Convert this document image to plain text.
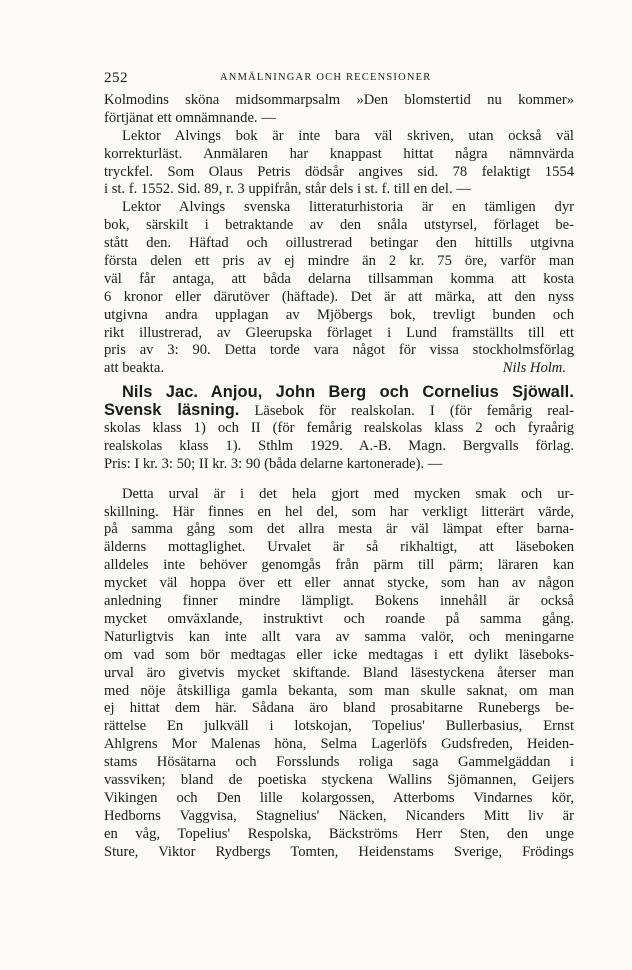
252	ANMÄLNINGAR OCH RECENSIONER
Kolmodins sköna midsommarpsalm »Den blomstertid nu kommer»
förtjänat ett omnämnande. —
Lektor Alvings bok är inte bara väl skriven, utan också väl
korrekturläst. Anmälaren har knappast hittat några nämnvärda
tryckfel. Som Olaus Petris dödsår angives sid. 78 felaktigt 1554
i st. f. 1552. Sid. 89, r. 3 uppifrån, står dels i st. f. till en del. —
Lektor Alvings svenska litteraturhistoria är en tämligen dyr
bok, särskilt i betraktande av den snåla utstyrsel, förlaget be-
stått den. Häftad och oillustrerad betingar den hittills utgivna
första delen ett pris av ej mindre än 2 kr. 75 öre, varför man
väl får antaga, att båda delarna tillsamman komma att kosta
6 kronor eller därutöver (häftade). Det är att märka, att den nyss
utgivna andra upplagan av Mjöbergs bok, trevligt bunden och
rikt illustrerad, av Gleerupska förlaget i Lund framställts till ett
pris av 3: 90. Detta torde vara något för vissa stockholmsförlag
att beakta.	Nils Holm.
Nils Jac. Anjou, John Berg och Cornelius Sjöwall.
Svensk läsning. Läsebok för realskolan. I (för femårig real-
skolas klass 1) och II (för femårig realskolas klass 2 och fyraårig
realskolas klass 1). Sthlm 1929. A.-B. Magn. Bergvalls förlag.
Pris: I kr. 3: 50; II kr. 3: 90 (båda delarne kartonerade). —
Detta urval är i det hela gjort med mycken smak och ur-
skillning. Här finnes en hel del, som har verkligt litterärt värde,
på samma gång som det allra mesta är väl lämpat efter barna-
älderns mottaglighet. Urvalet är så rikhaltigt, att läseboken
alldeles inte behöver genomgås från pärm till pärm; läraren kan
mycket väl hoppa över ett eller annat stycke, som han av någon
anledning finner mindre lämpligt. Bokens innehåll är också
mycket omväxlande, instruktivt och roande på samma gång.
Naturligtvis kan inte allt vara av samma valör, och meningarne
om vad som bör medtagas eller icke medtagas i ett dylikt läseboks-
urval äro givetvis mycket skiftande. Bland läsestyckena återser man
med nöje åtskilliga gamla bekanta, som man skulle saknat, om man
ej hittat dem här. Sådana äro bland prosabitarne Runebergs be-
rättelse En julkväll i lotskojan, Topelius' Bullerbasius, Ernst
Ahlgrens Mor Malenas höna, Selma Lagerlöfs Gudsfreden, Heiden-
stams Hösätarna och Forsslunds roliga saga Gammelgäddan i
vassviken; bland de poetiska styckena Wallins Sjömannen, Geijers
Vikingen och Den lille kolargossen, Atterboms Vindarnes kör,
Hedborns Vaggvisa, Stagnelius' Näcken, Nicanders Mitt liv är
en våg, Topelius' Respolska, Bäckströms Herr Sten, den unge
Sture, Viktor Rydbergs Tomten, Heidenstams Sverige, Frödings
